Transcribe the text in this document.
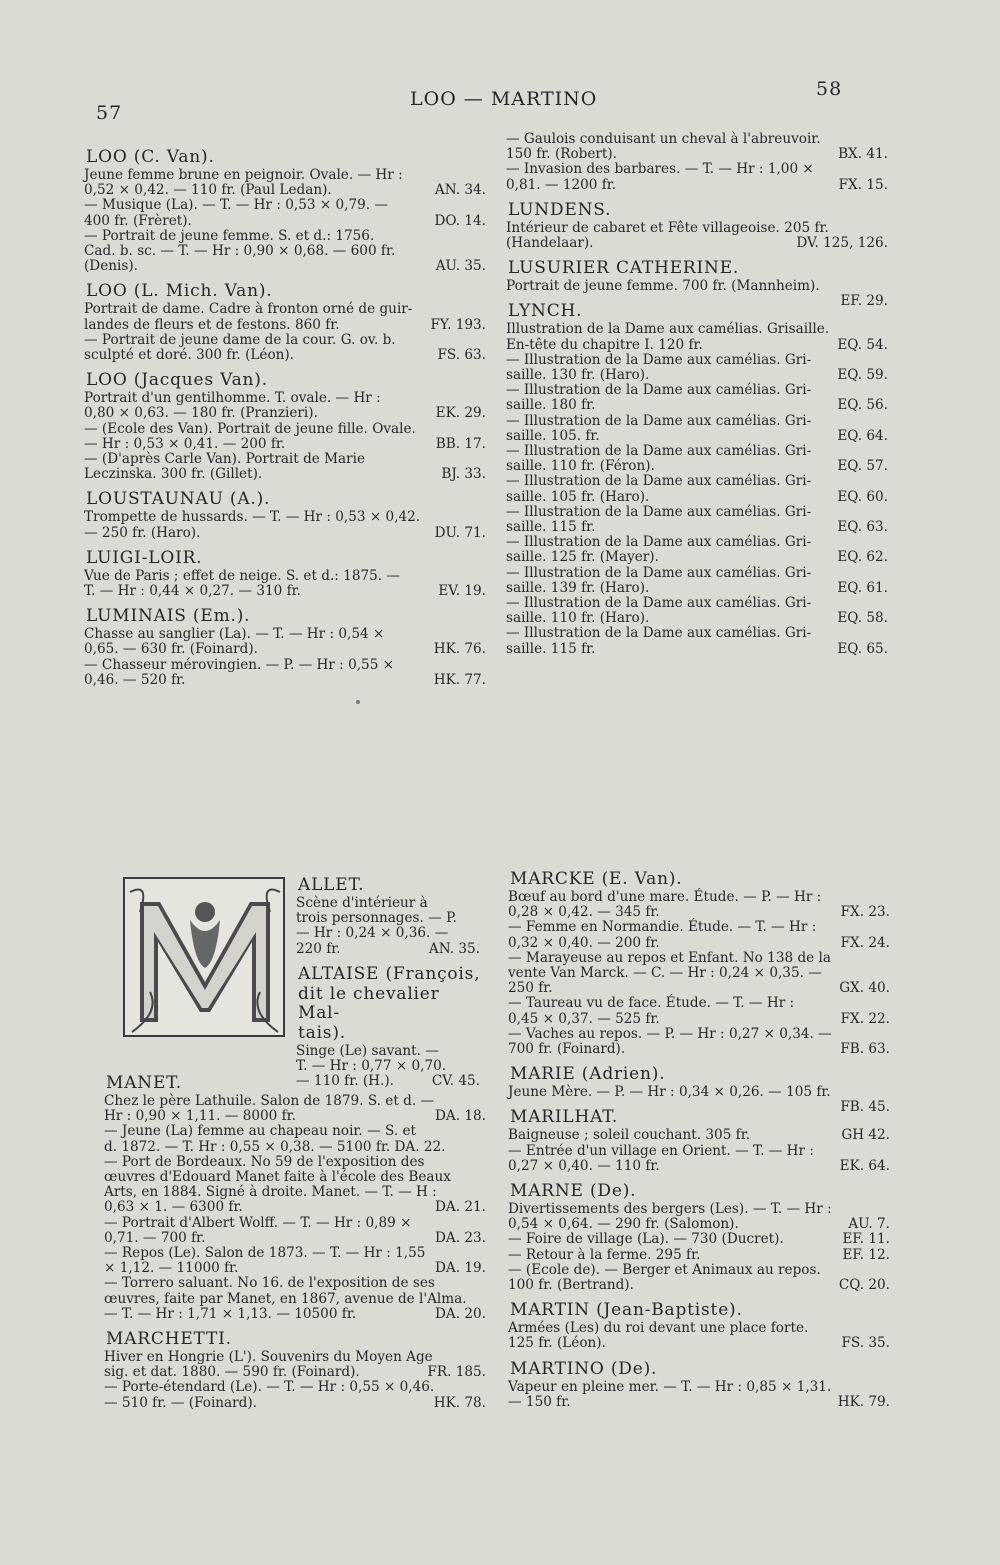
57
LOO — MARTINO	58
LOO (C. Van).
Jeune femme brune en peignoir. Ovale. — Hr :
0,52 × 0,42. — 110 fr. (Paul Ledan).	AN. 34.
— Musique (La). — T. — Hr : 0,53 × 0,79. —
400 fr. (Frèret).	DO. 14.
— Portrait de jeune femme. S. et d.: 1756.
Cad. b. sc. — T. — Hr : 0,90 × 0,68. — 600 fr.
(Denis).	AU. 35.
LOO (L. Mich. Van).
Portrait de dame. Cadre à fronton orné de guir-
landes de fleurs et de festons. 860 fr.	FY. 193.
— Portrait de jeune dame de la cour. G. ov. b.
sculpté et doré. 300 fr. (Léon).	FS. 63.
LOO (Jacques Van).
Portrait d'un gentilhomme. T. ovale. — Hr :
0,80 × 0,63. — 180 fr. (Pranzieri).	EK. 29.
— (Ecole des Van). Portrait de jeune fille. Ovale.
— Hr : 0,53 × 0,41. — 200 fr.	BB. 17.
— (D'après Carle Van). Portrait de Marie
Leczinska. 300 fr. (Gillet).	BJ. 33.
LOUSTAUNAU (A.).
Trompette de hussards. — T. — Hr : 0,53 × 0,42.
— 250 fr. (Haro).	DU. 71.
LUIGI-LOIR.
Vue de Paris ; effet de neige. S. et d.: 1875. —
T. — Hr : 0,44 × 0,27. — 310 fr.	EV. 19.
LUMINAIS (Em.).
Chasse au sanglier (La). — T. — Hr : 0,54 ×
0,65. — 630 fr. (Foinard).	HK. 76.
— Chasseur mérovingien. — P. — Hr : 0,55 ×
0,46. — 520 fr.	HK. 77.
— Gaulois conduisant un cheval à l'abreuvoir.
150 fr. (Robert).	BX. 41.
— Invasion des barbares. — T. — Hr : 1,00 ×
0,81. — 1200 fr.	FX. 15.
LUNDENS.
Intérieur de cabaret et Fête villageoise. 205 fr.
(Handelaar).	DV. 125, 126.
LUSURIER CATHERINE.
Portrait de jeune femme. 700 fr. (Mannheim).
EF. 29.
LYNCH.
Illustration de la Dame aux camélias. Grisaille.
En-tête du chapitre I. 120 fr.	EQ. 54.
— Illustration de la Dame aux camélias. Gri-
saille. 130 fr. (Haro).	EQ. 59.
— Illustration de la Dame aux camélias. Gri-
saille. 180 fr.	EQ. 56.
— Illustration de la Dame aux camélias. Gri-
saille. 105. fr.	EQ. 64.
— Illustration de la Dame aux camélias. Gri-
saille. 110 fr. (Féron).	EQ. 57.
— Illustration de la Dame aux camélias. Gri-
saille. 105 fr. (Haro).	EQ. 60.
— Illustration de la Dame aux camélias. Gri-
saille. 115 fr.	EQ. 63.
— Illustration de la Dame aux camélias. Gri-
saille. 125 fr. (Mayer).	EQ. 62.
— Illustration de la Dame aux camélias. Gri-
saille. 139 fr. (Haro).	EQ. 61.
— Illustration de la Dame aux camélias. Gri-
saille. 110 fr. (Haro).	EQ. 58.
— Illustration de la Dame aux camélias. Gri-
saille. 115 fr.	EQ. 65.
ALLET.
Scène d'intérieur à
trois personnages. — P.
— Hr : 0,24 × 0,36. —
220 fr.	AN. 35.
ALTAISE (François,
dit le chevalier Mal-
tais).
Singe (Le) savant. —
T. — Hr : 0,77 × 0,70.
— 110 fr. (H.).	CV. 45.
MANET.
Chez le père Lathuile. Salon de 1879. S. et d. —
Hr : 0,90 × 1,11. — 8000 fr.	DA. 18.
— Jeune (La) femme au chapeau noir. — S. et
d. 1872. — T. Hr : 0,55 × 0,38. — 5100 fr. DA. 22.
— Port de Bordeaux. No 59 de l'exposition des
œuvres d'Edouard Manet faite à l'école des Beaux
Arts, en 1884. Signé à droite. Manet. — T. — H :
0,63 × 1. — 6300 fr.	DA. 21.
— Portrait d'Albert Wolff. — T. — Hr : 0,89 ×
0,71. — 700 fr.	DA. 23.
— Repos (Le). Salon de 1873. — T. — Hr : 1,55
× 1,12. — 11000 fr.	DA. 19.
— Torrero saluant. No 16. de l'exposition de ses
œuvres, faite par Manet, en 1867, avenue de l'Alma.
— T. — Hr : 1,71 × 1,13. — 10500 fr.	DA. 20.
MARCHETTI.
Hiver en Hongrie (L'). Souvenirs du Moyen Age
sig. et dat. 1880. — 590 fr. (Foinard).	FR. 185.
— Porte-étendard (Le). — T. — Hr : 0,55 × 0,46.
— 510 fr. — (Foinard).	HK. 78.
MARCKE (E. Van).
Bœuf au bord d'une mare. Étude. — P. — Hr :
0,28 × 0,42. — 345 fr.	FX. 23.
— Femme en Normandie. Étude. — T. — Hr :
0,32 × 0,40. — 200 fr.	FX. 24.
— Marayeuse au repos et Enfant. No 138 de la
vente Van Marck. — C. — Hr : 0,24 × 0,35. —
250 fr.	GX. 40.
— Taureau vu de face. Étude. — T. — Hr :
0,45 × 0,37. — 525 fr.	FX. 22.
— Vaches au repos. — P. — Hr : 0,27 × 0,34. —
700 fr. (Foinard).	FB. 63.
MARIE (Adrien).
Jeune Mère. — P. — Hr : 0,34 × 0,26. — 105 fr.
FB. 45.
MARILHAT.
Baigneuse ; soleil couchant. 305 fr.	GH 42.
— Entrée d'un village en Orient. — T. — Hr :
0,27 × 0,40. — 110 fr.	EK. 64.
MARNE (De).
Divertissements des bergers (Les). — T. — Hr :
0,54 × 0,64. — 290 fr. (Salomon).	AU. 7.
— Foire de village (La). — 730 (Ducret).	EF. 11.
— Retour à la ferme. 295 fr.	EF. 12.
— (Ecole de). — Berger et Animaux au repos.
100 fr. (Bertrand).	CQ. 20.
MARTIN (Jean-Baptiste).
Armées (Les) du roi devant une place forte.
125 fr. (Léon).	FS. 35.
MARTINO (De).
Vapeur en pleine mer. — T. — Hr : 0,85 × 1,31.
— 150 fr.	HK. 79.
